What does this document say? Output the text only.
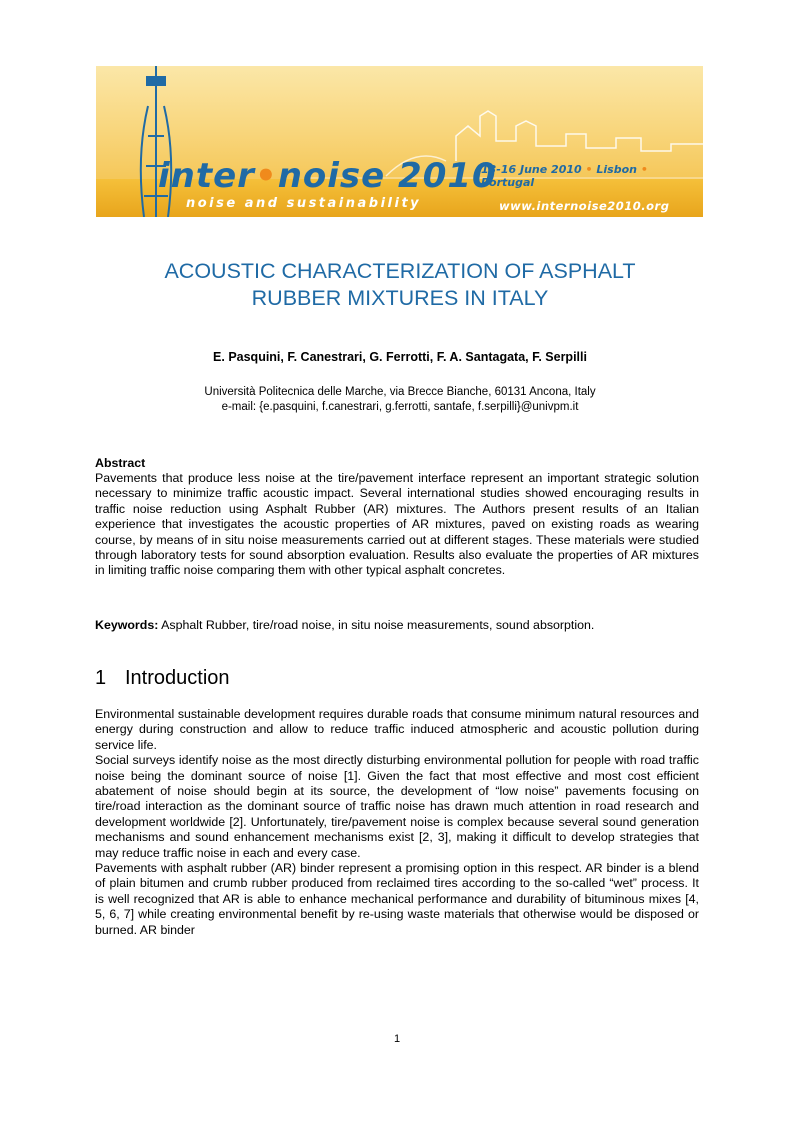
inter•noise 2010
noise and sustainability
13-16 June 2010 • Lisbon • Portugal
www.internoise2010.org
ACOUSTIC CHARACTERIZATION OF ASPHALT
RUBBER MIXTURES IN ITALY
E. Pasquini, F. Canestrari, G. Ferrotti, F. A. Santagata, F. Serpilli
Università Politecnica delle Marche, via Brecce Bianche, 60131 Ancona, Italy
e-mail: {e.pasquini, f.canestrari, g.ferrotti, santafe, f.serpilli}@univpm.it
Abstract
Pavements that produce less noise at the tire/pavement interface represent an important strategic solution necessary to minimize traffic acoustic impact. Several international studies showed encouraging results in traffic noise reduction using Asphalt Rubber (AR) mixtures. The Authors present results of an Italian experience that investigates the acoustic properties of AR mixtures, paved on existing roads as wearing course, by means of in situ noise measurements carried out at different stages. These materials were studied through laboratory tests for sound absorption evaluation. Results also evaluate the properties of AR mixtures in limiting traffic noise comparing them with other typical asphalt concretes.
Keywords: Asphalt Rubber, tire/road noise, in situ noise measurements, sound absorption.
1 Introduction

Environmental sustainable development requires durable roads that consume minimum natural resources and energy during construction and allow to reduce traffic induced atmospheric and acoustic pollution during service life.

Social surveys identify noise as the most directly disturbing environmental pollution for people with road traffic noise being the dominant source of noise [1]. Given the fact that most effective and most cost efficient abatement of noise should begin at its source, the development of “low noise” pavements focusing on tire/road interaction as the dominant source of traffic noise has drawn much attention in road research and development worldwide [2]. Unfortunately, tire/pavement noise is complex because several sound generation mechanisms and sound enhancement mechanisms exist [2, 3], making it difficult to develop strategies that may reduce traffic noise in each and every case.

Pavements with asphalt rubber (AR) binder represent a promising option in this respect. AR binder is a blend of plain bitumen and crumb rubber produced from reclaimed tires according to the so-called “wet” process. It is well recognized that AR is able to enhance mechanical performance and durability of bituminous mixes [4, 5, 6, 7] while creating environmental benefit by re-using waste materials that otherwise would be disposed or burned. AR binder

1
